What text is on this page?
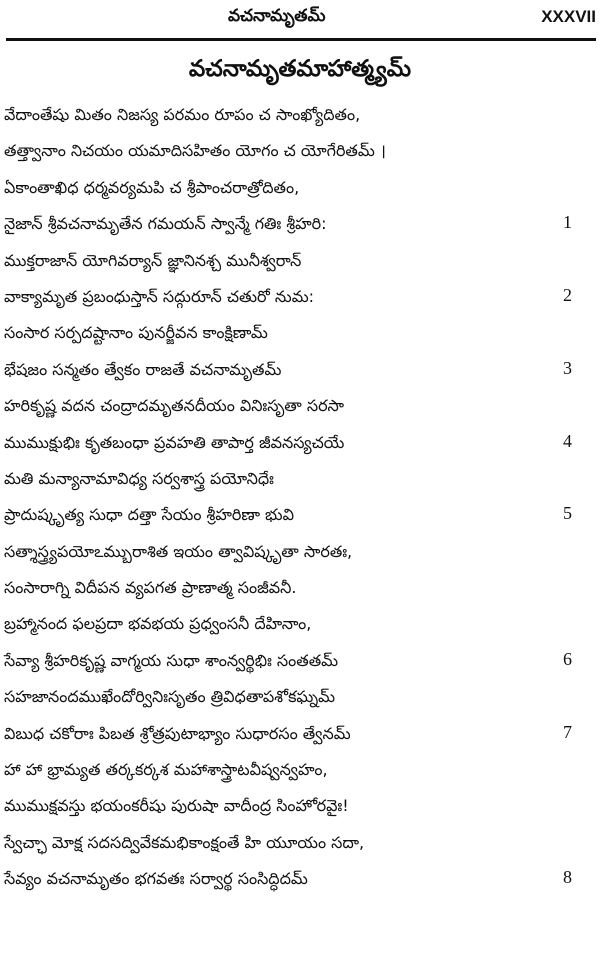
వచనామృతమ్	XXXVII
వచనామృతమాహాత్మ్యమ్
వేదాంతేషు మితం నిజస్య పరమం రూపం చ సాంఖ్యోదితం,
తత్త్వానాం నిచయం యమాదిసహితం యోగం చ యోగేరితమ్ ।
ఏకాంతాఖిధ ధర్మవర్యమపి చ శ్రీపాంచరాత్రోదితం,
నైజాన్ శ్రీవచనామృతేన గమయన్ స్వాన్మే గతిః శ్రీహరి:	1
ముక్తరాజాన్ యోగివర్యాన్ జ్ఞానినశ్చ మునీశ్వరాన్
వాక్యామృత ప్రబంధుస్తాన్ సద్గురూన్ చతురో నుమ:	2
సంసార సర్పదష్టానాం పునర్జీవన కాంక్షిణామ్
భేషజం సన్మతం త్వేకం రాజతే వచనామృతమ్	3
హరికృష్ణ వదన చంద్రాదమృతనదీయం వినిఃసృతా సరసా
ముముక్షుభిః కృతబంధా ప్రవహతి తాపార్త జీవనస్యచయే	4
మతి మన్యానామావిధ్య సర్వశాస్త్ర పయోనిధేః
ప్రాదుష్కృత్య సుధా దత్తా సేయం శ్రీహరిణా భువి	5
సత్శాస్త్ర్యపయోఽమ్బురాశిత ఇయం త్వావిష్కృతా సారతః,
సంసారాగ్ని విదీపన వ్యపగత ప్రాణాత్మ సంజీవనీ.
బ్రహ్మానంద ఫలప్రదా భవభయ ప్రధ్వంసనీ దేహినాం,
సేవ్యా శ్రీహరికృష్ణ వాగ్మయ సుధా శాంన్వర్థిభిః సంతతమ్	6
సహజానందముఖేందోర్వినిఃసృతం త్రివిధతాపశోకఘ్నమ్
విబుధ చకోరాః పిబత శ్రోత్రపుటాభ్యాం సుధారసం త్వేనమ్	7
హా హా భ్రామ్యత తర్కకర్కశ మహాశాస్త్రాటవీష్వన్వహం,
ముముక్షవస్తు భయంకరీషు పురుషా వాదీంద్ర సింహోరవైః!
స్వేచ్ఛా మోక్ష సదసద్వివేకమభికాంక్షంతే హి యూయం సదా,
సేవ్యం వచనామృతం భగవతః సర్వార్థ సంసిద్ధిదమ్	8
